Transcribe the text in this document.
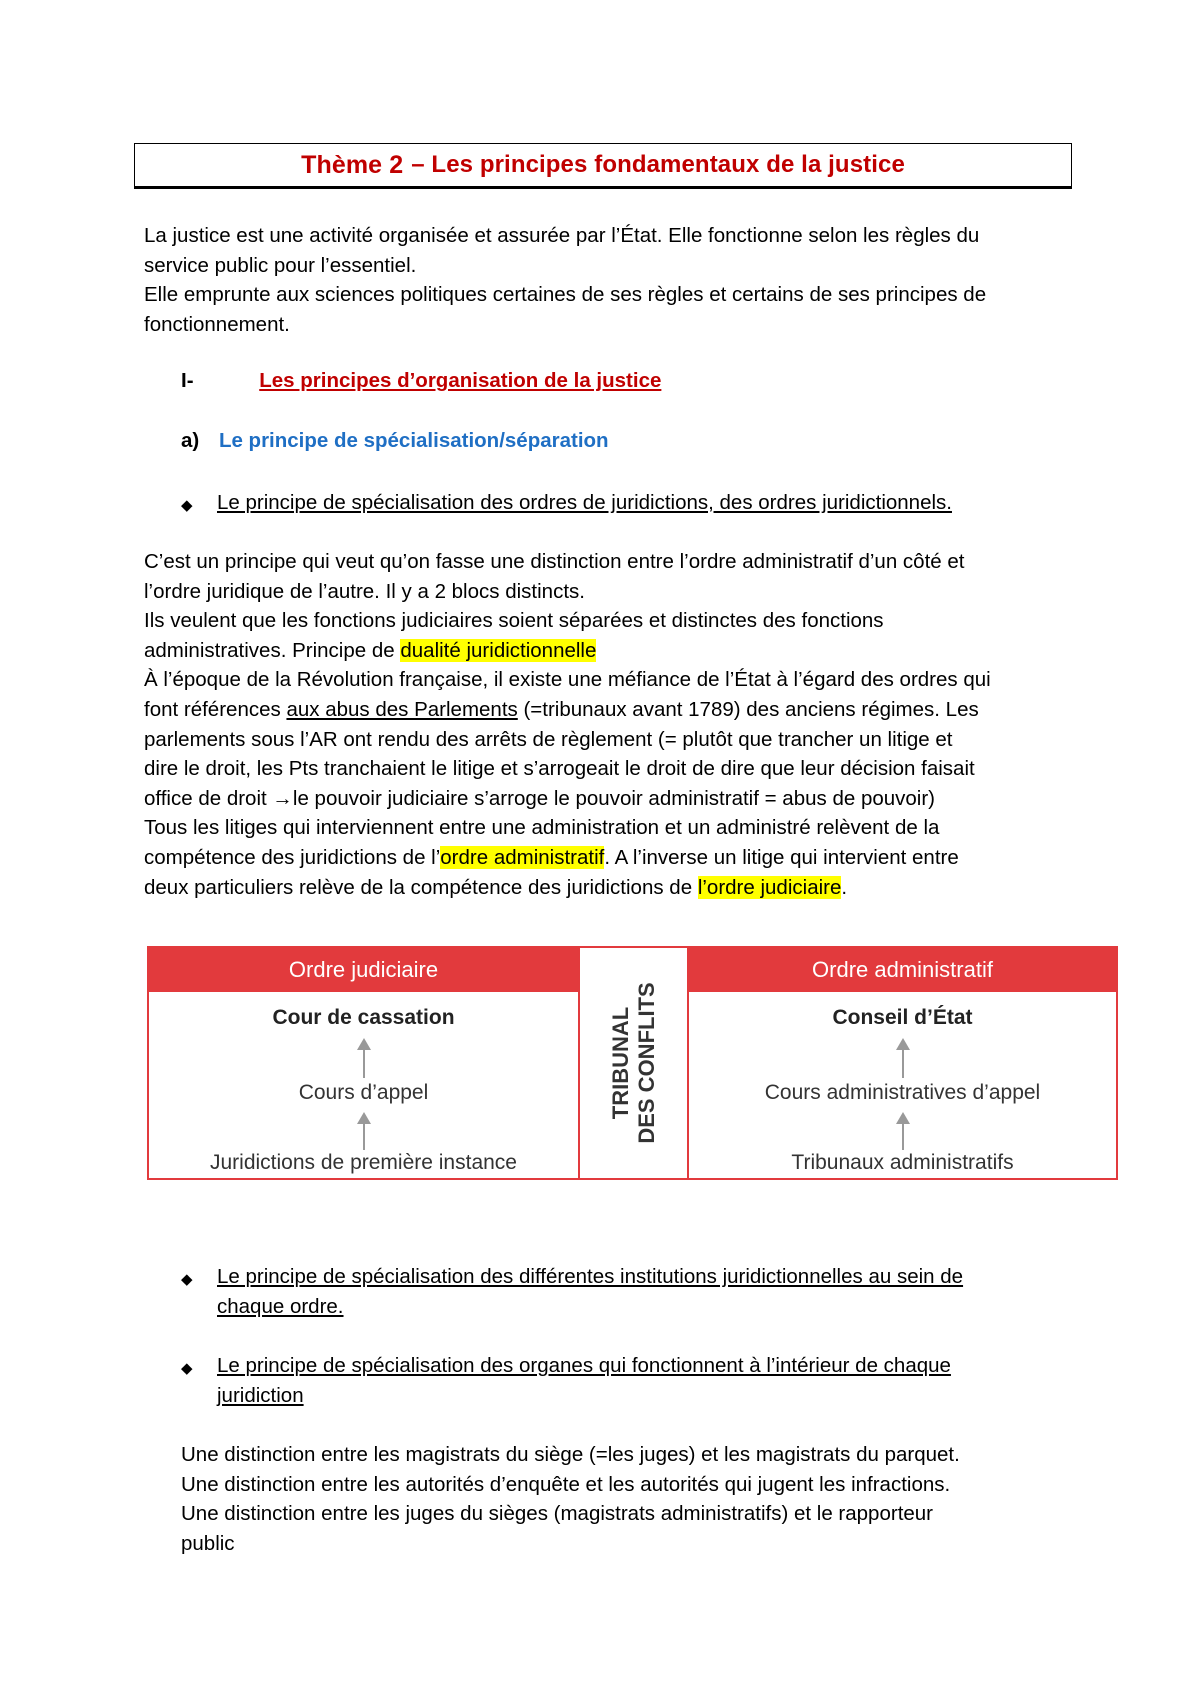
Thème 2 – Les principes fondamentaux de la justice
La justice est une activité organisée et assurée par l’État. Elle fonctionne selon les règles du
service public pour l’essentiel.
Elle emprunte aux sciences politiques certaines de ses règles et certains de ses principes de
fonctionnement.
I-	Les principes d’organisation de la justice
a) Le principe de spécialisation/séparation
◆ Le principe de spécialisation des ordres de juridictions, des ordres juridictionnels.
C’est un principe qui veut qu’on fasse une distinction entre l’ordre administratif d’un côté et
l’ordre juridique de l’autre. Il y a 2 blocs distincts.
Ils veulent que les fonctions judiciaires soient séparées et distinctes des fonctions
administratives. Principe de dualité juridictionnelle
À l’époque de la Révolution française, il existe une méfiance de l’État à l’égard des ordres qui
font références aux abus des Parlements (=tribunaux avant 1789) des anciens régimes. Les
parlements sous l’AR ont rendu des arrêts de règlement (= plutôt que trancher un litige et
dire le droit, les Pts tranchaient le litige et s’arrogeait le droit de dire que leur décision faisait
office de droit →le pouvoir judiciaire s’arroge le pouvoir administratif = abus de pouvoir)
Tous les litiges qui interviennent entre une administration et un administré relèvent de la
compétence des juridictions de l’ordre administratif. A l’inverse un litige qui intervient entre
deux particuliers relève de la compétence des juridictions de l’ordre judiciaire.
Ordre judiciaire
Cour de cassation
Cours d’appel
Juridictions de première instance
TRIBUNAL DES CONFLITS
Ordre administratif
Conseil d’État
Cours administratives d’appel
Tribunaux administratifs
◆ Le principe de spécialisation des différentes institutions juridictionnelles au sein de
chaque ordre.
◆ Le principe de spécialisation des organes qui fonctionnent à l’intérieur de chaque
juridiction
Une distinction entre les magistrats du siège (=les juges) et les magistrats du parquet.
Une distinction entre les autorités d’enquête et les autorités qui jugent les infractions.
Une distinction entre les juges du sièges (magistrats administratifs) et le rapporteur
public
